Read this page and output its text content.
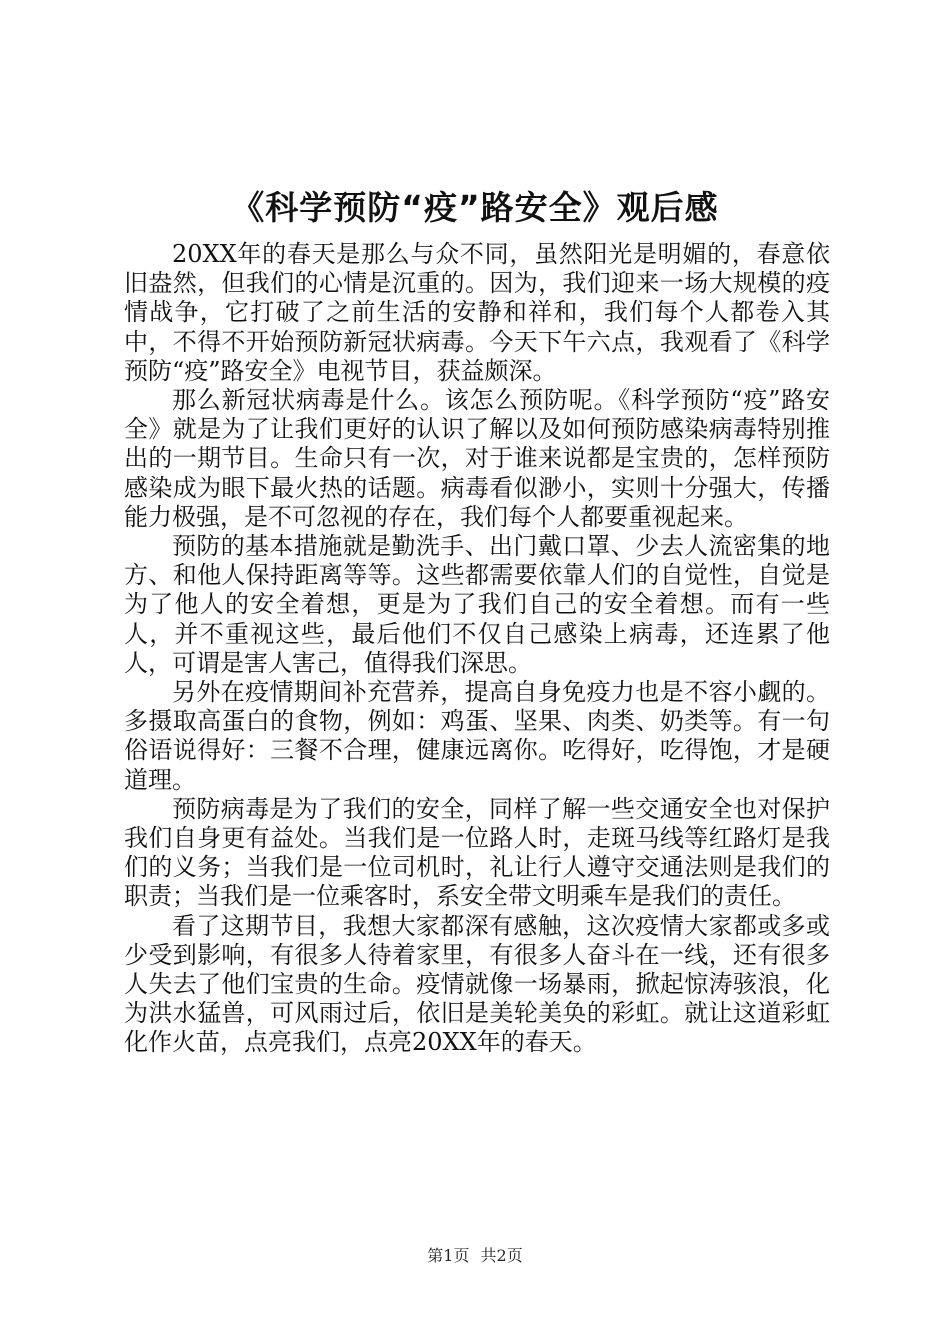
《科学预防“疫”路安全》观后感

20XX年的春天是那么与众不同，虽然阳光是明媚的，春意依旧盎然，但我们的心情是沉重的。因为，我们迎来一场大规模的疫情战争，它打破了之前生活的安静和祥和，我们每个人都卷入其中，不得不开始预防新冠状病毒。今天下午六点，我观看了《科学预防“疫”路安全》电视节目，获益颇深。

那么新冠状病毒是什么。该怎么预防呢。《科学预防“疫”路安全》就是为了让我们更好的认识了解以及如何预防感染病毒特别推出的一期节目。生命只有一次，对于谁来说都是宝贵的，怎样预防感染成为眼下最火热的话题。病毒看似渺小，实则十分强大，传播能力极强，是不可忽视的存在，我们每个人都要重视起来。

预防的基本措施就是勤洗手、出门戴口罩、少去人流密集的地方、和他人保持距离等等。这些都需要依靠人们的自觉性，自觉是为了他人的安全着想，更是为了我们自己的安全着想。而有一些人，并不重视这些，最后他们不仅自己感染上病毒，还连累了他人，可谓是害人害己，值得我们深思。

另外在疫情期间补充营养，提高自身免疫力也是不容小觑的。多摄取高蛋白的食物，例如：鸡蛋、坚果、肉类、奶类等。有一句俗语说得好：三餐不合理，健康远离你。吃得好，吃得饱，才是硬道理。

预防病毒是为了我们的安全，同样了解一些交通安全也对保护我们自身更有益处。当我们是一位路人时，走斑马线等红路灯是我们的义务；当我们是一位司机时，礼让行人遵守交通法则是我们的职责；当我们是一位乘客时，系安全带文明乘车是我们的责任。

看了这期节目，我想大家都深有感触，这次疫情大家都或多或少受到影响，有很多人待着家里，有很多人奋斗在一线，还有很多人失去了他们宝贵的生命。疫情就像一场暴雨，掀起惊涛骇浪，化为洪水猛兽，可风雨过后，依旧是美轮美奂的彩虹。就让这道彩虹化作火苗，点亮我们，点亮20XX年的春天。

第1页 共2页
